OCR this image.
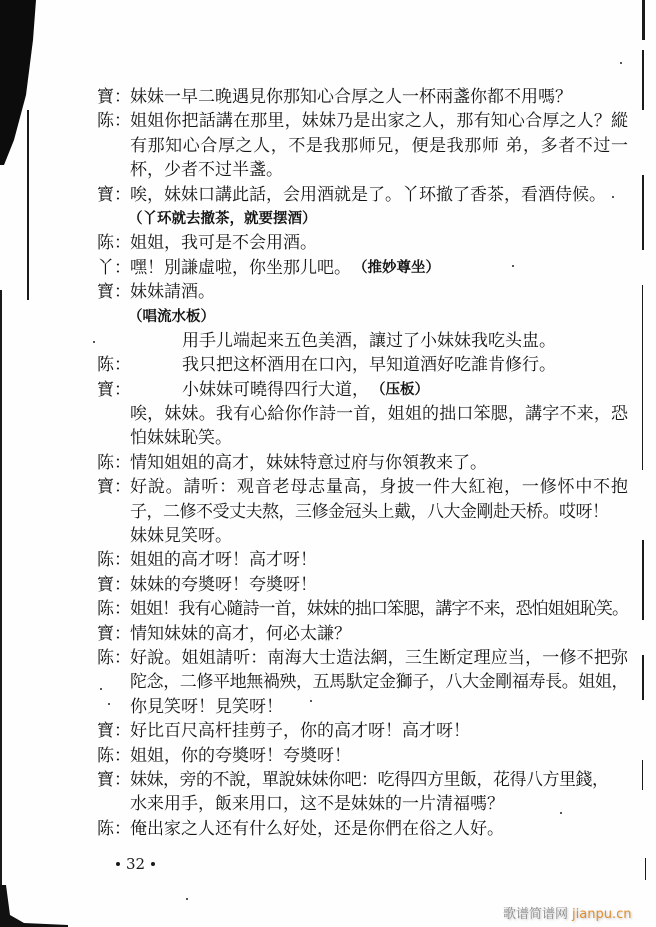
寶： 妹妹一早二晚遇見你那知心合厚之人一杯兩盞你都不用嗎？
陈： 姐姐你把話講在那里，妹妹乃是出家之人，那有知心合厚之人？縱
有那知心合厚之人，不是我那师兄，便是我那师 弟，多者不过一
杯，少者不过半盞。
寶： 唉，妹妹口講此話，会用酒就是了。丫环撤了香茶，看酒侍候。
（丫环就去撤茶，就要摆酒）
陈： 姐姐，我可是不会用酒。
丫： 嘿！別謙虛啦，你坐那儿吧。 （推妙尊坐）
寶： 妹妹請酒。
（唱流水板）
用手儿端起来五色美酒，讓过了小妹妹我吃头盅。
陈：	我只把这杯酒用在口內，早知道酒好吃誰肯修行。
寶：	小妹妹可曉得四行大道， （压板）
唉，妹妹。我有心給你作詩一首，姐姐的拙口笨腮，講字不来，恐
怕妹妹恥笑。
陈： 情知姐姐的高才，妹妹特意过府与你領教来了。
寶： 好說。請听：观音老母志量高，身披一件大紅袍，一修怀中不抱
子，二修不受丈夫熬，三修金冠头上戴，八大金剛赴天桥。哎呀！
妹妹見笑呀。
陈： 姐姐的高才呀！高才呀！
寶： 妹妹的夸奬呀！夸奬呀！
陈： 姐姐！我有心隨詩一首，妹妹的拙口笨腮，講字不来，恐怕姐姐恥笑。
寶： 情知妹妹的高才，何必太謙？
陈： 好說。姐姐請听：南海大士造法網，三生断定理应当，一修不把弥
陀念，二修平地無禍殃，五馬馱定金獅子，八大金剛福寿長。姐姐，
你見笑呀！見笑呀！
寶： 好比百尺高杆挂剪子，你的高才呀！高才呀！
陈： 姐姐，你的夸奬呀！夸奬呀！
寶： 妹妹，旁的不說，單說妹妹你吧：吃得四方里飯，花得八方里錢，
水来用手，飯来用口，这不是妹妹的一片清福嗎？
陈： 俺出家之人还有什么好处，还是你們在俗之人好。
32
歌谱简谱网 jianpu.cn
